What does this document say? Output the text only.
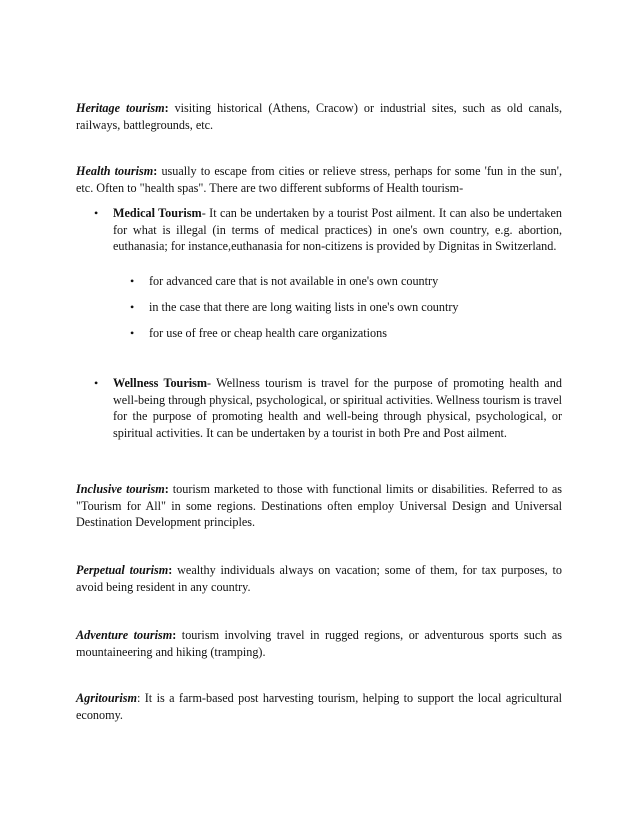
Heritage tourism: visiting historical (Athens, Cracow) or industrial sites, such as old canals, railways, battlegrounds, etc.

Health tourism: usually to escape from cities or relieve stress, perhaps for some 'fun in the sun', etc. Often to "health spas". There are two different subforms of Health tourism-

• Medical Tourism- It can be undertaken by a tourist Post ailment. It can also be undertaken for what is illegal (in terms of medical practices) in one's own country, e.g. abortion, euthanasia; for instance,euthanasia for non-citizens is provided by Dignitas in Switzerland.
• for advanced care that is not available in one's own country
• in the case that there are long waiting lists in one's own country
• for use of free or cheap health care organizations
• Wellness Tourism- Wellness tourism is travel for the purpose of promoting health and well-being through physical, psychological, or spiritual activities. Wellness tourism is travel for the purpose of promoting health and well-being through physical, psychological, or spiritual activities. It can be undertaken by a tourist in both Pre and Post ailment.

Inclusive tourism: tourism marketed to those with functional limits or disabilities. Referred to as "Tourism for All" in some regions. Destinations often employ Universal Design and Universal Destination Development principles.

Perpetual tourism: wealthy individuals always on vacation; some of them, for tax purposes, to avoid being resident in any country.

Adventure tourism: tourism involving travel in rugged regions, or adventurous sports such as mountaineering and hiking (tramping).

Agritourism: It is a farm-based post harvesting tourism, helping to support the local agricultural economy.
